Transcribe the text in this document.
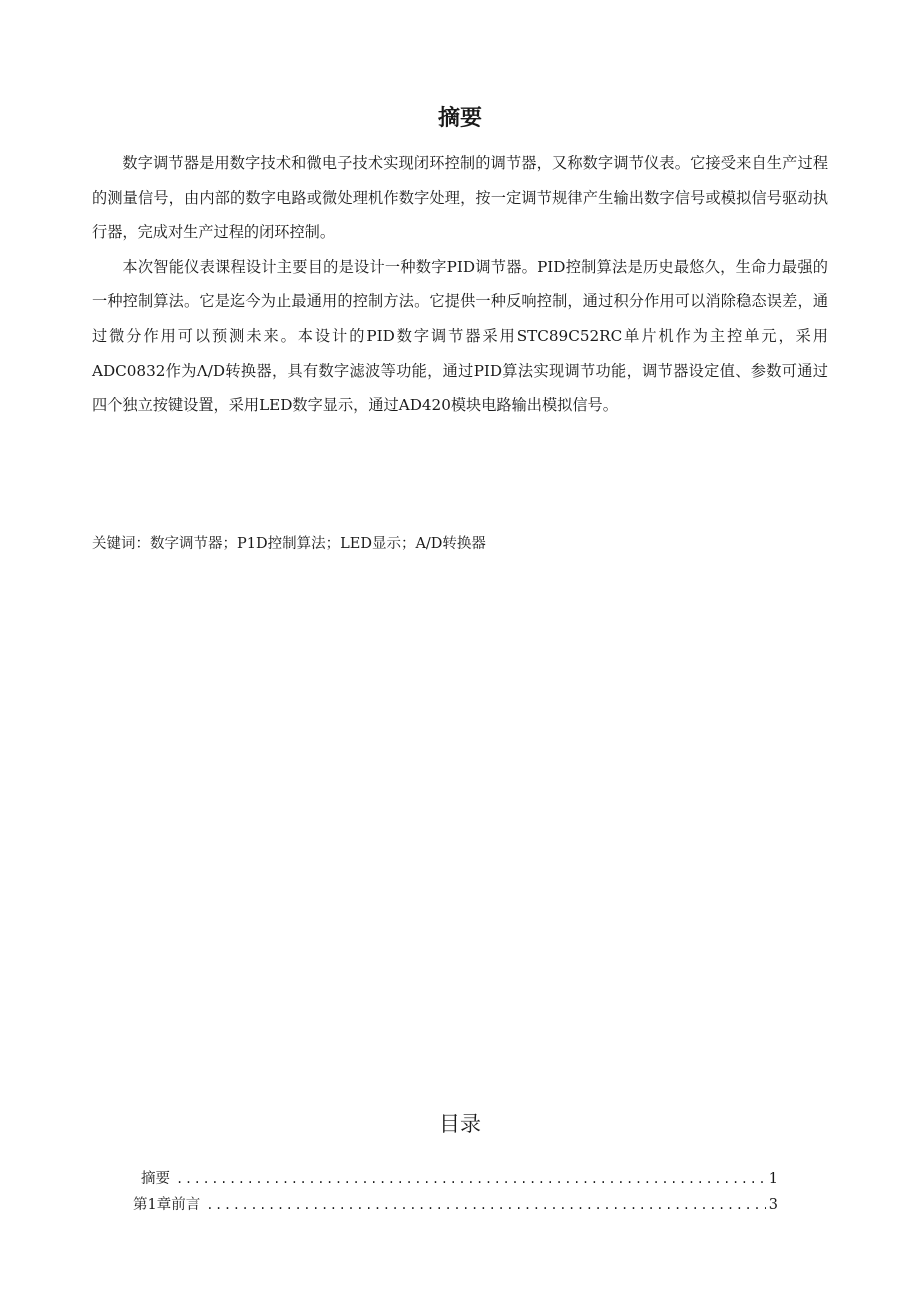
摘要

数字调节器是用数字技术和微电子技术实现闭环控制的调节器，又称数字调节仪表。它接受来自生产过程的测量信号，由内部的数字电路或微处理机作数字处理，按一定调节规律产生输出数字信号或模拟信号驱动执行器，完成对生产过程的闭环控制。

本次智能仪表课程设计主要目的是设计一种数字PID调节器。PID控制算法是历史最悠久，生命力最强的一种控制算法。它是迄今为止最通用的控制方法。它提供一种反响控制，通过积分作用可以消除稳态误差，通过微分作用可以预测未来。本设计的PID数字调节器采用STC89C52RC单片机作为主控单元，采用ADC0832作为Λ/D转换器，具有数字滤波等功能，通过PID算法实现调节功能，调节器设定值、参数可通过四个独立按键设置，采用LED数字显示，通过AD420模块电路输出模拟信号。

关键词：数字调节器；P1D控制算法；LED显示；A/D转换器
目录
摘要 .....	1
第1章前言 .....	3
